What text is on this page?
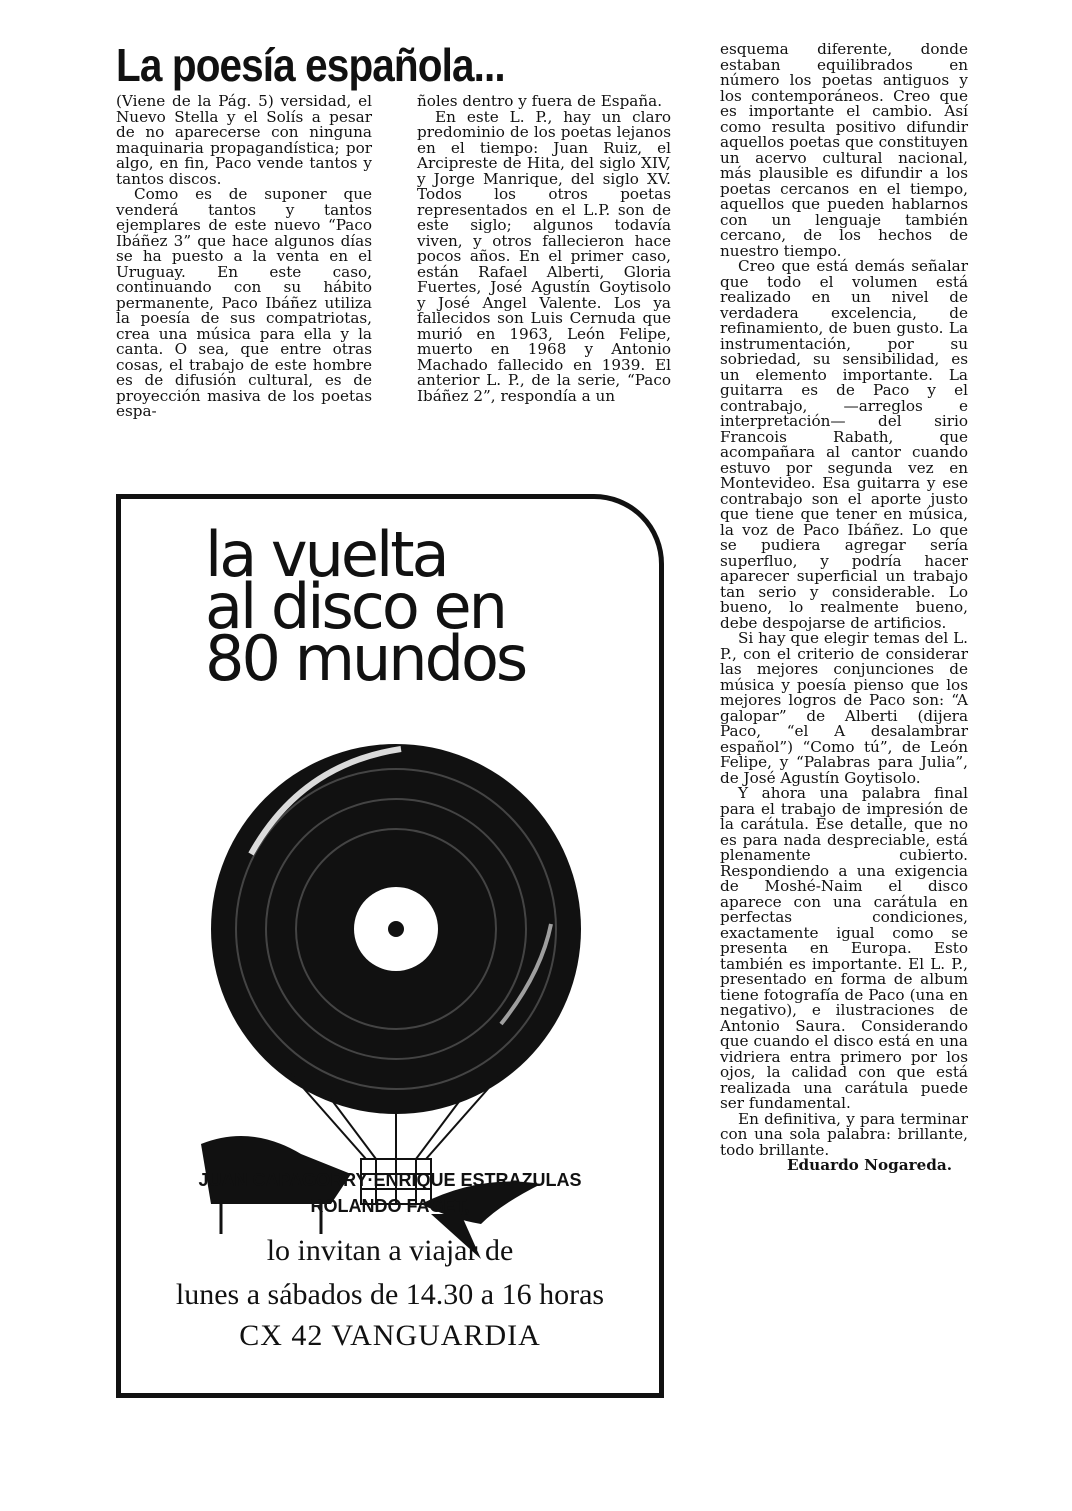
La poesía española...

(Viene de la Pág. 5) versidad, el Nuevo Stella y el Solís a pesar de no aparecerse con ninguna maquinaria propagandística; por algo, en fin, Paco vende tantos y tantos discos.

Como es de suponer que venderá tantos y tantos ejemplares de este nuevo “Paco Ibáñez 3” que hace algunos días se ha puesto a la venta en el Uruguay. En este caso, continuando con su hábito permanente, Paco Ibáñez utiliza la poesía de sus compatriotas, crea una música para ella y la canta. O sea, que entre otras cosas, el trabajo de este hombre es de difusión cultural, es de proyección masiva de los poetas espa-

ñoles dentro y fuera de España.

En este L. P., hay un claro predominio de los poetas lejanos en el tiempo: Juan Ruiz, el Arcipreste de Hita, del siglo XIV, y Jorge Manrique, del siglo XV. Todos los otros poetas representados en el L.P. son de este siglo; algunos todavía viven, y otros fallecieron hace pocos años. En el primer caso, están Rafael Alberti, Gloria Fuertes, José Agustín Goytisolo y José Angel Valente. Los ya fallecidos son Luis Cernuda que murió en 1963, León Felipe, muerto en 1968 y Antonio Machado fallecido en 1939. El anterior L. P., de la serie, “Paco Ibáñez 2”, respondía a un

esquema diferente, donde estaban equilibrados en número los poetas antiguos y los contemporáneos. Creo que es importante el cambio. Así como resulta positivo difundir aquellos poetas que constituyen un acervo cultural nacional, más plausible es difundir a los poetas cercanos en el tiempo, aquellos que pueden hablarnos con un lenguaje también cercano, de los hechos de nuestro tiempo.

Creo que está demás señalar que todo el volumen está realizado en un nivel de verdadera excelencia, de refinamiento, de buen gusto. La instrumentación, por su sobriedad, su sensibilidad, es un elemento importante. La guitarra es de Paco y el contrabajo, —arreglos e interpretación— del sirio Francois Rabath, que acompañara al cantor cuando estuvo por segunda vez en Montevideo. Esa guitarra y ese contrabajo son el aporte justo que tiene que tener en música, la voz de Paco Ibáñez. Lo que se pudiera agregar sería superfluo, y podría hacer aparecer superficial un trabajo tan serio y considerable. Lo bueno, lo realmente bueno, debe despojarse de artificios.

Si hay que elegir temas del L. P., con el criterio de considerar las mejores conjunciones de música y poesía pienso que los mejores logros de Paco son: “A galopar” de Alberti (dijera Paco, “el A desalambrar español”) “Como tú”, de León Felipe, y “Palabras para Julia”, de José Agustín Goytisolo.

Y ahora una palabra final para el trabajo de impresión de la carátula. Ese detalle, que no es para nada despreciable, está plenamente cubierto. Respondiendo a una exigencia de Moshé-Naim el disco aparece con una carátula en perfectas condiciones, exactamente igual como se presenta en Europa. Esto también es importante. El L. P., presentado en forma de album tiene fotografía de Paco (una en negativo), e ilustraciones de Antonio Saura. Considerando que cuando el disco está en una vidriera entra primero por los ojos, la calidad con que está realizada una carátula puede ser fundamental.

En definitiva, y para terminar con una sola palabra: brillante, todo brillante.

Eduardo Nogareda.

la vuelta
al disco en
80 mundos
JUAN CAPAGORRY·ENRIQUE ESTRAZULAS
ROLANDO FAGET,
lo invitan a viajar de
lunes a sábados de 14.30 a 16 horas
CX 42 VANGUARDIA
